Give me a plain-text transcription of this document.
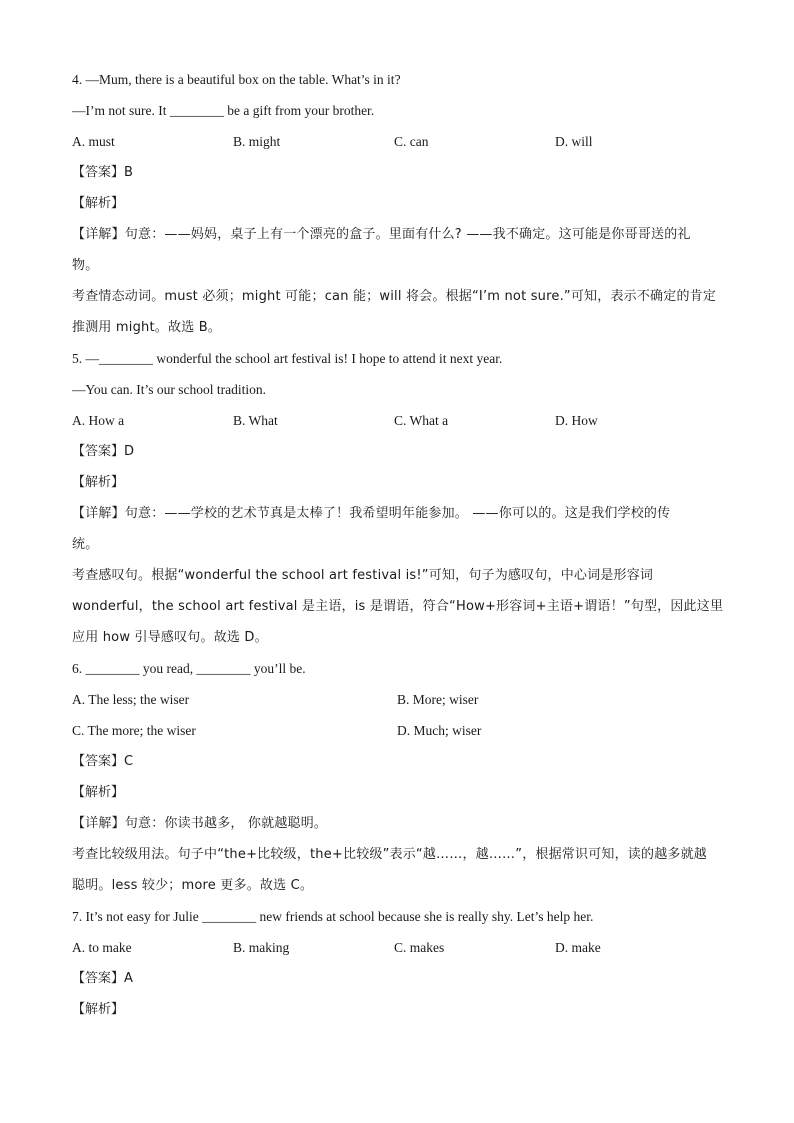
4. —Mum, there is a beautiful box on the table. What’s in it?
—I’m not sure. It ________ be a gift from your brother.
A. must	B. might	C. can	D. will
【答案】B
【解析】
【详解】句意：——妈妈，桌子上有一个漂亮的盒子。里面有什么? ——我不确定。这可能是你哥哥送的礼
物。
考查情态动词。must 必须；might 可能；can 能；will 将会。根据“I’m not sure.”可知，表示不确定的肯定
推测用 might。故选 B。
5. —________ wonderful the school art festival is! I hope to attend it next year.
—You can. It’s our school tradition.
A. How a	B. What	C. What a	D. How
【答案】D
【解析】
【详解】句意：——学校的艺术节真是太棒了！我希望明年能参加。 ——你可以的。这是我们学校的传
统。
考查感叹句。根据“wonderful the school art festival is!”可知，句子为感叹句，中心词是形容词
wonderful，the school art festival 是主语，is 是谓语，符合“How+形容词+主语+谓语！”句型，因此这里
应用 how 引导感叹句。故选 D。
6. ________ you read, ________ you’ll be.
A. The less; the wiser	B. More; wiser
C. The more; the wiser	D. Much; wiser
【答案】C
【解析】
【详解】句意：你读书越多， 你就越聪明。
考查比较级用法。句子中“the+比较级，the+比较级”表示“越……，越……”，根据常识可知，读的越多就越
聪明。less 较少；more 更多。故选 C。
7. It’s not easy for Julie ________ new friends at school because she is really shy. Let’s help her.
A. to make	B. making	C. makes	D. make
【答案】A
【解析】
